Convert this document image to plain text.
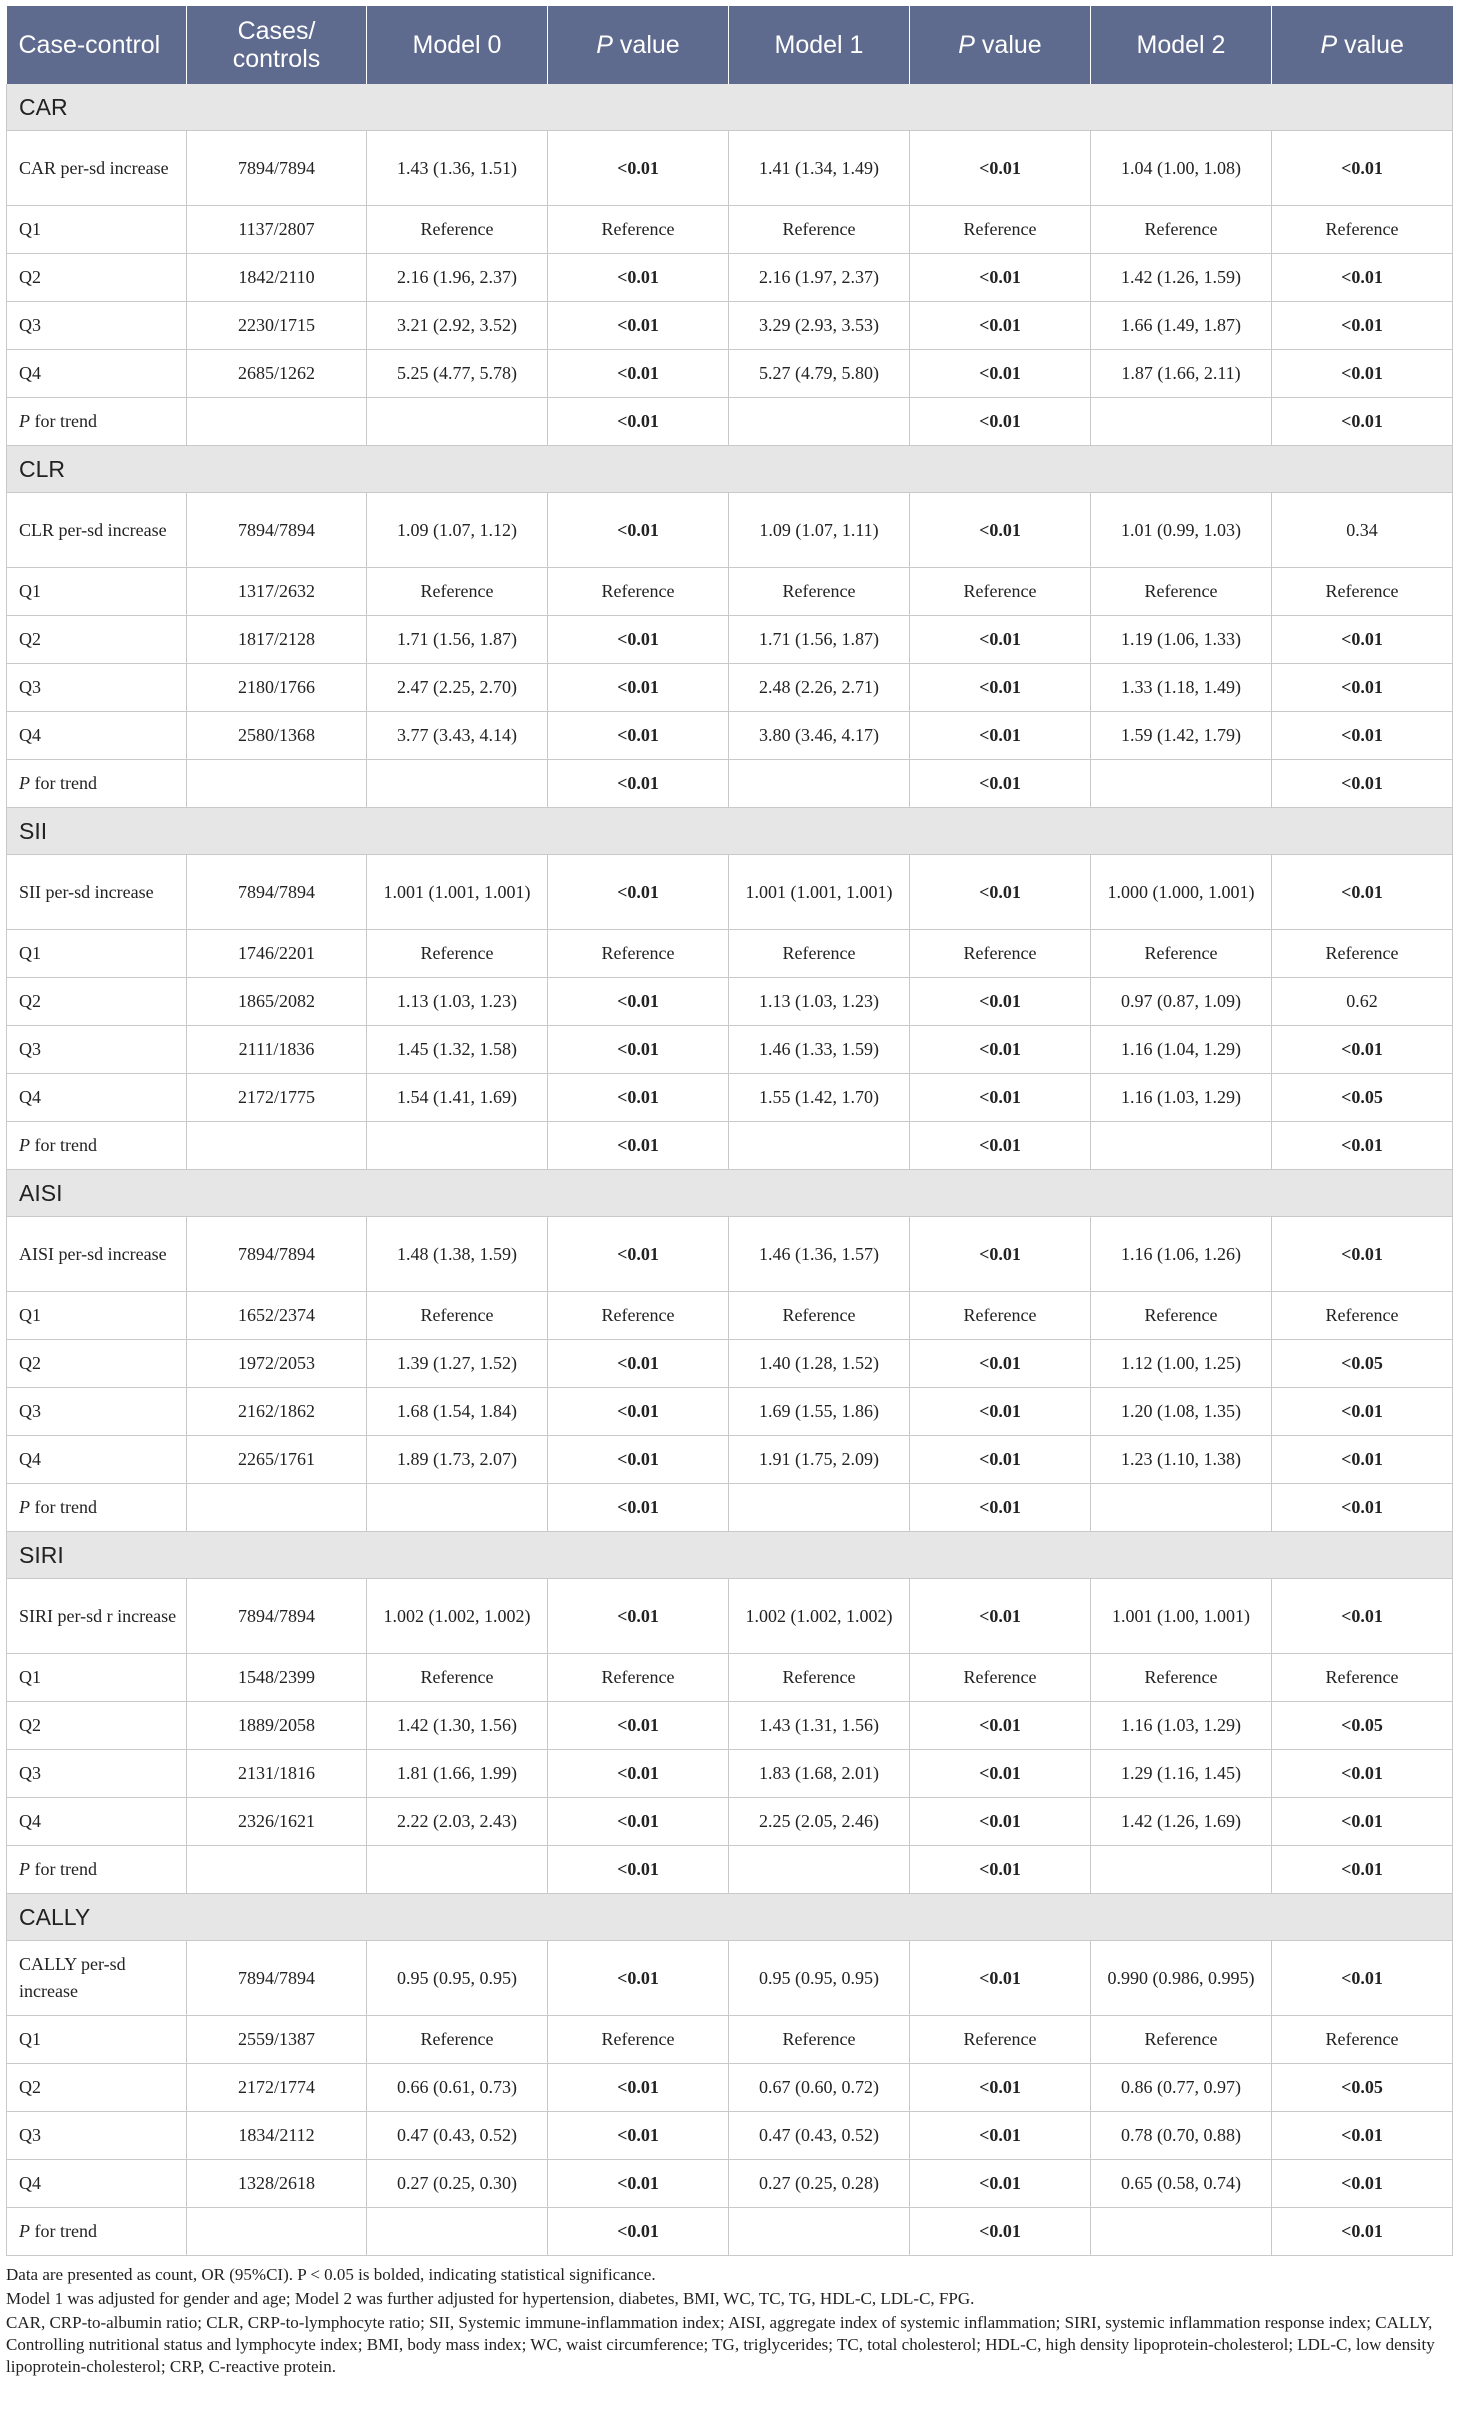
Case-control	Cases/ controls	Model 0	P value	Model 1	P value	Model 2	P value
CAR							
CAR per-sd increase	7894/7894	1.43 (1.36, 1.51)	<0.01	1.41 (1.34, 1.49)	<0.01	1.04 (1.00, 1.08)	<0.01
Q1	1137/2807	Reference	Reference	Reference	Reference	Reference	Reference
Q2	1842/2110	2.16 (1.96, 2.37)	<0.01	2.16 (1.97, 2.37)	<0.01	1.42 (1.26, 1.59)	<0.01
Q3	2230/1715	3.21 (2.92, 3.52)	<0.01	3.29 (2.93, 3.53)	<0.01	1.66 (1.49, 1.87)	<0.01
Q4	2685/1262	5.25 (4.77, 5.78)	<0.01	5.27 (4.79, 5.80)	<0.01	1.87 (1.66, 2.11)	<0.01
P for trend			<0.01		<0.01		<0.01
CLR							
CLR per-sd increase	7894/7894	1.09 (1.07, 1.12)	<0.01	1.09 (1.07, 1.11)	<0.01	1.01 (0.99, 1.03)	0.34
Q1	1317/2632	Reference	Reference	Reference	Reference	Reference	Reference
Q2	1817/2128	1.71 (1.56, 1.87)	<0.01	1.71 (1.56, 1.87)	<0.01	1.19 (1.06, 1.33)	<0.01
Q3	2180/1766	2.47 (2.25, 2.70)	<0.01	2.48 (2.26, 2.71)	<0.01	1.33 (1.18, 1.49)	<0.01
Q4	2580/1368	3.77 (3.43, 4.14)	<0.01	3.80 (3.46, 4.17)	<0.01	1.59 (1.42, 1.79)	<0.01
P for trend			<0.01		<0.01		<0.01
SII							
SII per-sd increase	7894/7894	1.001 (1.001, 1.001)	<0.01	1.001 (1.001, 1.001)	<0.01	1.000 (1.000, 1.001)	<0.01
Q1	1746/2201	Reference	Reference	Reference	Reference	Reference	Reference
Q2	1865/2082	1.13 (1.03, 1.23)	<0.01	1.13 (1.03, 1.23)	<0.01	0.97 (0.87, 1.09)	0.62
Q3	2111/1836	1.45 (1.32, 1.58)	<0.01	1.46 (1.33, 1.59)	<0.01	1.16 (1.04, 1.29)	<0.01
Q4	2172/1775	1.54 (1.41, 1.69)	<0.01	1.55 (1.42, 1.70)	<0.01	1.16 (1.03, 1.29)	<0.05
P for trend			<0.01		<0.01		<0.01
AISI							
AISI per-sd increase	7894/7894	1.48 (1.38, 1.59)	<0.01	1.46 (1.36, 1.57)	<0.01	1.16 (1.06, 1.26)	<0.01
Q1	1652/2374	Reference	Reference	Reference	Reference	Reference	Reference
Q2	1972/2053	1.39 (1.27, 1.52)	<0.01	1.40 (1.28, 1.52)	<0.01	1.12 (1.00, 1.25)	<0.05
Q3	2162/1862	1.68 (1.54, 1.84)	<0.01	1.69 (1.55, 1.86)	<0.01	1.20 (1.08, 1.35)	<0.01
Q4	2265/1761	1.89 (1.73, 2.07)	<0.01	1.91 (1.75, 2.09)	<0.01	1.23 (1.10, 1.38)	<0.01
P for trend			<0.01		<0.01		<0.01
SIRI							
SIRI per-sd r increase	7894/7894	1.002 (1.002, 1.002)	<0.01	1.002 (1.002, 1.002)	<0.01	1.001 (1.00, 1.001)	<0.01
Q1	1548/2399	Reference	Reference	Reference	Reference	Reference	Reference
Q2	1889/2058	1.42 (1.30, 1.56)	<0.01	1.43 (1.31, 1.56)	<0.01	1.16 (1.03, 1.29)	<0.05
Q3	2131/1816	1.81 (1.66, 1.99)	<0.01	1.83 (1.68, 2.01)	<0.01	1.29 (1.16, 1.45)	<0.01
Q4	2326/1621	2.22 (2.03, 2.43)	<0.01	2.25 (2.05, 2.46)	<0.01	1.42 (1.26, 1.69)	<0.01
P for trend			<0.01		<0.01		<0.01
CALLY							
CALLY per-sd increase	7894/7894	0.95 (0.95, 0.95)	<0.01	0.95 (0.95, 0.95)	<0.01	0.990 (0.986, 0.995)	<0.01
Q1	2559/1387	Reference	Reference	Reference	Reference	Reference	Reference
Q2	2172/1774	0.66 (0.61, 0.73)	<0.01	0.67 (0.60, 0.72)	<0.01	0.86 (0.77, 0.97)	<0.05
Q3	1834/2112	0.47 (0.43, 0.52)	<0.01	0.47 (0.43, 0.52)	<0.01	0.78 (0.70, 0.88)	<0.01
Q4	1328/2618	0.27 (0.25, 0.30)	<0.01	0.27 (0.25, 0.28)	<0.01	0.65 (0.58, 0.74)	<0.01
P for trend			<0.01		<0.01		<0.01

Data are presented as count, OR (95%CI). P < 0.05 is bolded, indicating statistical significance.

Model 1 was adjusted for gender and age; Model 2 was further adjusted for hypertension, diabetes, BMI, WC, TC, TG, HDL-C, LDL-C, FPG.

CAR, CRP-to-albumin ratio; CLR, CRP-to-lymphocyte ratio; SII, Systemic immune-inflammation index; AISI, aggregate index of systemic inflammation; SIRI, systemic inflammation response index; CALLY, Controlling nutritional status and lymphocyte index; BMI, body mass index; WC, waist circumference; TG, triglycerides; TC, total cholesterol; HDL-C, high density lipoprotein-cholesterol; LDL-C, low density lipoprotein-cholesterol; CRP, C-reactive protein.
